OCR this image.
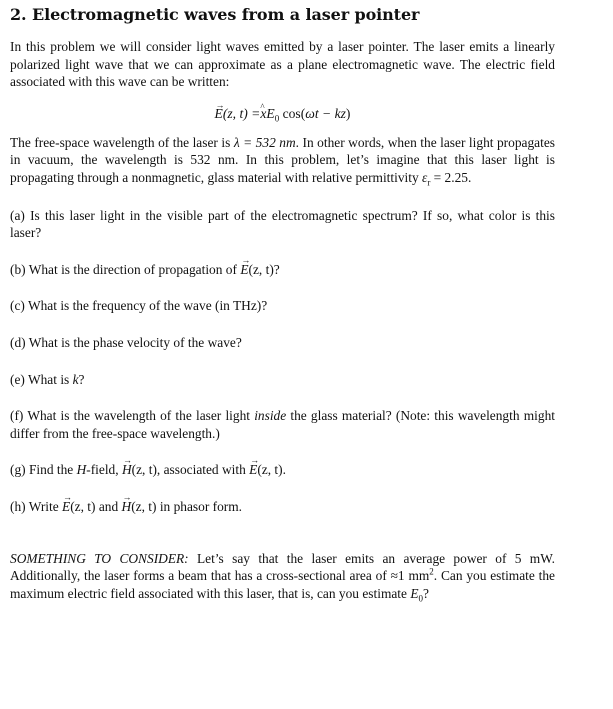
2. Electromagnetic waves from a laser pointer

In this problem we will consider light waves emitted by a laser pointer. The laser emits a linearly polarized light wave that we can approximate as a plane electromagnetic wave. The electric field associated with this wave can be written:

→ E(z, t) =^ $xE_0$ cos(ωt − kz)

The free-space wavelength of the laser is λ = 532 nm. In other words, when the laser light propagates in vacuum, the wavelength is 532 nm. In this problem, let’s imagine that this laser light is propagating through a nonmagnetic, glass material with relative permittivity $\varepsilon_r = 2.25$.

(a) Is this laser light in the visible part of the electromagnetic spectrum? If so, what color is this laser?

(b) What is the direction of propagation of → E(z, t)?

(c) What is the frequency of the wave (in THz)?

(d) What is the phase velocity of the wave?

(e) What is k?

(f) What is the wavelength of the laser light inside the glass material? (Note: this wavelength might differ from the free-space wavelength.)

(g) Find the H-field, → H(z, t), associated with → E(z, t).

(h) Write → E(z, t) and → H(z, t) in phasor form.

SOMETHING TO CONSIDER: Let’s say that the laser emits an average power of 5 mW. Additionally, the laser forms a beam that has a cross-sectional area of ≈1 $mm^2$. Can you estimate the maximum electric field associated with this laser, that is, can you estimate $E_0$?
